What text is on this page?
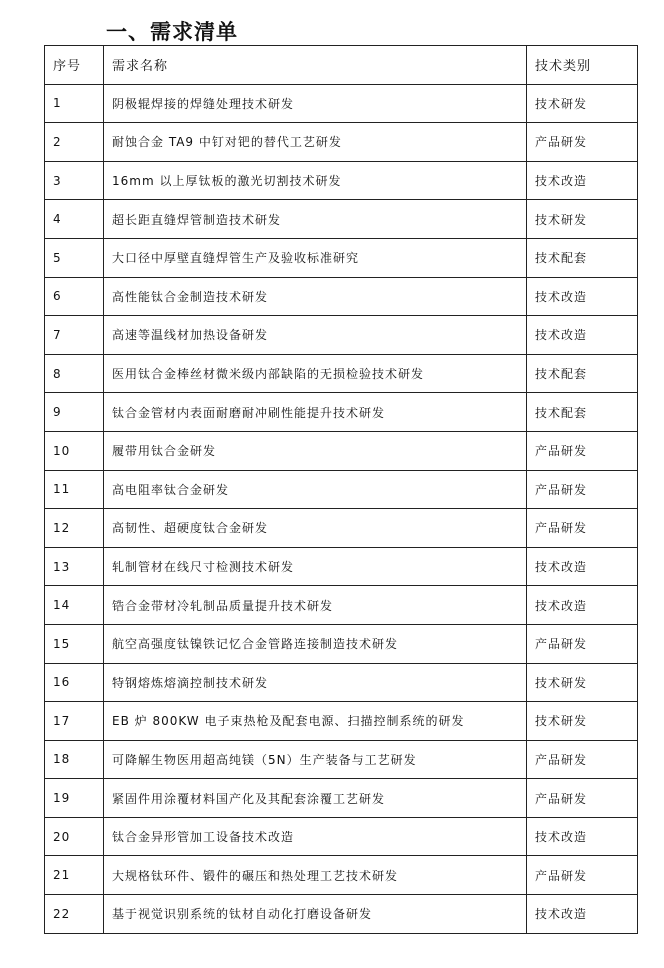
一、需求清单
序号	需求名称	技术类别
1	阴极辊焊接的焊缝处理技术研发	技术研发
2	耐蚀合金 TA9 中钉对钯的替代工艺研发	产品研发
3	16mm 以上厚钛板的激光切割技术研发	技术改造
4	超长距直缝焊管制造技术研发	技术研发
5	大口径中厚壁直缝焊管生产及验收标准研究	技术配套
6	高性能钛合金制造技术研发	技术改造
7	高速等温线材加热设备研发	技术改造
8	医用钛合金棒丝材微米级内部缺陷的无损检验技术研发	技术配套
9	钛合金管材内表面耐磨耐冲刷性能提升技术研发	技术配套
10	履带用钛合金研发	产品研发
11	高电阻率钛合金研发	产品研发
12	高韧性、超硬度钛合金研发	产品研发
13	轧制管材在线尺寸检测技术研发	技术改造
14	锆合金带材冷轧制品质量提升技术研发	技术改造
15	航空高强度钛镍铁记忆合金管路连接制造技术研发	产品研发
16	特钢熔炼熔滴控制技术研发	技术研发
17	EB 炉 800KW 电子束热枪及配套电源、扫描控制系统的研发	技术研发
18	可降解生物医用超高纯镁（5N）生产装备与工艺研发	产品研发
19	紧固件用涂覆材料国产化及其配套涂覆工艺研发	产品研发
20	钛合金异形管加工设备技术改造	技术改造
21	大规格钛环件、锻件的碾压和热处理工艺技术研发	产品研发
22	基于视觉识别系统的钛材自动化打磨设备研发	技术改造
